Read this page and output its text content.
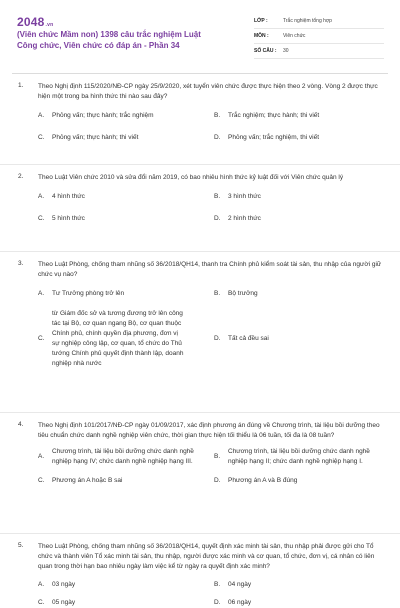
2048.vn
(Viên chức Mầm non) 1398 câu trắc nghiệm Luật Công chức, Viên chức có đáp án - Phần 34
LỚP :	Trắc nghiệm tổng hợp
MÔN :	Viên chức
SỐ CÂU :	30
1. Theo Nghị định 115/2020/NĐ-CP ngày 25/9/2020, xét tuyển viên chức được thực hiện theo 2 vòng. Vòng 2 được thực hiện một trong ba hình thức thi nào sau đây?
A.	Phỏng vấn; thực hành; trắc nghiệm	B.	Trắc nghiệm; thực hành; thi viết
C.	Phỏng vấn; thực hành; thi viết	D.	Phỏng vấn; trắc nghiệm, thi viết
2. Theo Luật Viên chức 2010 và sửa đổi năm 2019, có bao nhiêu hình thức kỷ luật đối với Viên chức quản lý
A.	4 hình thức	B.	3 hình thức
C.	5 hình thức	D.	2 hình thức
3. Theo Luật Phòng, chống tham nhũng số 36/2018/QH14, thanh tra Chính phủ kiểm soát tài sản, thu nhập của người giữ chức vụ nào?
A.	Tư Trưởng phòng trở lên	B.	Bộ trưởng
C.
từ Giám đốc sở và tương đương trở lên công tác tại Bộ, cơ quan ngang Bộ, cơ quan thuộc Chính phủ, chính quyền địa phương, đơn vị sự nghiệp công lập, cơ quan, tổ chức do Thủ tướng Chính phủ quyết định thành lập, doanh nghiệp nhà nước
D.	Tất cả đều sai
4. Theo Nghị định 101/2017/NĐ-CP ngày 01/09/2017, xác định phương án đúng về Chương trình, tài liệu bồi dưỡng theo tiêu chuẩn chức danh nghề nghiệp viên chức, thời gian thực hiện tối thiểu là 06 tuần, tối đa là 08 tuần?
A.
Chương trình, tài liệu bồi dưỡng chức danh nghề nghiệp hạng IV; chức danh nghề nghiệp hạng III.
B.
Chương trình, tài liệu bồi dưỡng chức danh nghề nghiệp hạng II; chức danh nghề nghiệp hạng I.
C.	Phương án A hoặc B sai	D.	Phương án A và B đúng
5. Theo Luật Phòng, chống tham nhũng số 36/2018/QH14, quyết định xác minh tài sản, thu nhập phải được gửi cho Tổ chức và thành viên Tổ xác minh tài sản, thu nhập, người được xác minh và cơ quan, tổ chức, đơn vị, cá nhân có liên quan trong thời hạn bao nhiêu ngày làm việc kể từ ngày ra quyết định xác minh?
A.	03 ngày	B.	04 ngày
C.	05 ngày	D.	06 ngày
